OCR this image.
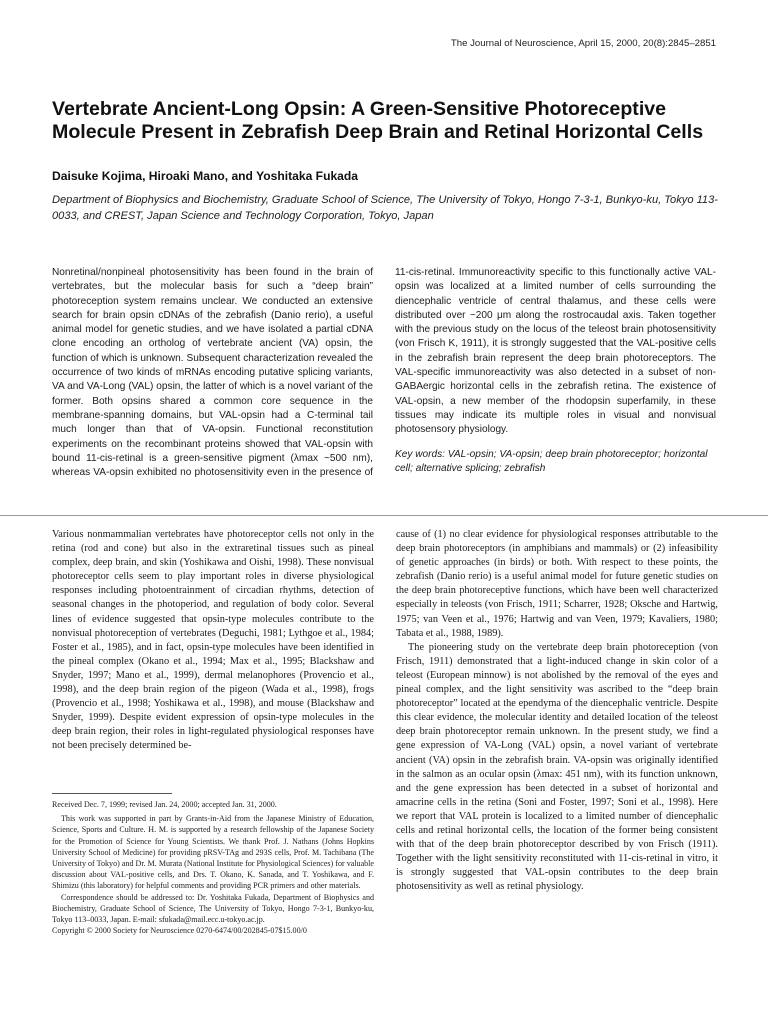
The Journal of Neuroscience, April 15, 2000, 20(8):2845–2851
Vertebrate Ancient-Long Opsin: A Green-Sensitive Photoreceptive Molecule Present in Zebrafish Deep Brain and Retinal Horizontal Cells

Daisuke Kojima, Hiroaki Mano, and Yoshitaka Fukada

Department of Biophysics and Biochemistry, Graduate School of Science, The University of Tokyo, Hongo 7-3-1, Bunkyo-ku, Tokyo 113-0033, and CREST, Japan Science and Technology Corporation, Tokyo, Japan

Nonretinal/nonpineal photosensitivity has been found in the brain of vertebrates, but the molecular basis for such a “deep brain” photoreception system remains unclear. We conducted an extensive search for brain opsin cDNAs of the zebrafish (Danio rerio), a useful animal model for genetic studies, and we have isolated a partial cDNA clone encoding an ortholog of vertebrate ancient (VA) opsin, the function of which is unknown. Subsequent characterization revealed the occurrence of two kinds of mRNAs encoding putative splicing variants, VA and VA-Long (VAL) opsin, the latter of which is a novel variant of the former. Both opsins shared a common core sequence in the membrane-spanning domains, but VAL-opsin had a C-terminal tail much longer than that of VA-opsin. Functional reconstitution experiments on the recombinant proteins showed that VAL-opsin with bound 11-cis-retinal is a green-sensitive pigment (λmax ~500 nm), whereas VA-opsin exhibited no photosensitivity even in the presence of 11-cis-retinal. Immunoreactivity specific to this functionally active VAL-opsin was localized at a limited number of cells surrounding the diencephalic ventricle of central thalamus, and these cells were distributed over ~200 μm along the rostrocaudal axis. Taken together with the previous study on the locus of the teleost brain photosensitivity (von Frisch K, 1911), it is strongly suggested that the VAL-positive cells in the zebrafish brain represent the deep brain photoreceptors. The VAL-specific immunoreactivity was also detected in a subset of non-GABAergic horizontal cells in the zebrafish retina. The existence of VAL-opsin, a new member of the rhodopsin superfamily, in these tissues may indicate its multiple roles in visual and nonvisual photosensory physiology.

Key words: VAL-opsin; VA-opsin; deep brain photoreceptor; horizontal cell; alternative splicing; zebrafish

Various nonmammalian vertebrates have photoreceptor cells not only in the retina (rod and cone) but also in the extraretinal tissues such as pineal complex, deep brain, and skin (Yoshikawa and Oishi, 1998). These nonvisual photoreceptor cells seem to play important roles in diverse physiological responses including photoentrainment of circadian rhythms, detection of seasonal changes in the photoperiod, and regulation of body color. Several lines of evidence suggested that opsin-type molecules contribute to the nonvisual photoreception of vertebrates (Deguchi, 1981; Lythgoe et al., 1984; Foster et al., 1985), and in fact, opsin-type molecules have been identified in the pineal complex (Okano et al., 1994; Max et al., 1995; Blackshaw and Snyder, 1997; Mano et al., 1999), dermal melanophores (Provencio et al., 1998), and the deep brain region of the pigeon (Wada et al., 1998), frogs (Provencio et al., 1998; Yoshikawa et al., 1998), and mouse (Blackshaw and Snyder, 1999). Despite evident expression of opsin-type molecules in the deep brain region, their roles in light-regulated physiological responses have not been precisely determined be-

Received Dec. 7, 1999; revised Jan. 24, 2000; accepted Jan. 31, 2000.

This work was supported in part by Grants-in-Aid from the Japanese Ministry of Education, Science, Sports and Culture. H. M. is supported by a research fellowship of the Japanese Society for the Promotion of Science for Young Scientists. We thank Prof. J. Nathans (Johns Hopkins University School of Medicine) for providing pRSV-TAg and 293S cells, Prof. M. Tachibana (The University of Tokyo) and Dr. M. Murata (National Institute for Physiological Sciences) for valuable discussion about VAL-positive cells, and Drs. T. Okano, K. Sanada, and T. Yoshikawa, and F. Shimizu (this laboratory) for helpful comments and providing PCR primers and other materials.

Correspondence should be addressed to: Dr. Yoshitaka Fukada, Department of Biophysics and Biochemistry, Graduate School of Science, The University of Tokyo, Hongo 7-3-1, Bunkyo-ku, Tokyo 113–0033, Japan. E-mail: sfukada@mail.ecc.u-tokyo.ac.jp.

Copyright © 2000 Society for Neuroscience 0270-6474/00/202845-07$15.00/0

cause of (1) no clear evidence for physiological responses attributable to the deep brain photoreceptors (in amphibians and mammals) or (2) infeasibility of genetic approaches (in birds) or both. With respect to these points, the zebrafish (Danio rerio) is a useful animal model for future genetic studies on the deep brain photoreceptive functions, which have been well characterized especially in teleosts (von Frisch, 1911; Scharrer, 1928; Oksche and Hartwig, 1975; van Veen et al., 1976; Hartwig and van Veen, 1979; Kavaliers, 1980; Tabata et al., 1988, 1989).

The pioneering study on the vertebrate deep brain photoreception (von Frisch, 1911) demonstrated that a light-induced change in skin color of a teleost (European minnow) is not abolished by the removal of the eyes and pineal complex, and the light sensitivity was ascribed to the “deep brain photoreceptor” located at the ependyma of the diencephalic ventricle. Despite this clear evidence, the molecular identity and detailed location of the teleost deep brain photoreceptor remain unknown. In the present study, we find a gene expression of VA-Long (VAL) opsin, a novel variant of vertebrate ancient (VA) opsin in the zebrafish brain. VA-opsin was originally identified in the salmon as an ocular opsin (λmax: 451 nm), with its function unknown, and the gene expression has been detected in a subset of horizontal and amacrine cells in the retina (Soni and Foster, 1997; Soni et al., 1998). Here we report that VAL protein is localized to a limited number of diencephalic cells and retinal horizontal cells, the location of the former being consistent with that of the deep brain photoreceptor described by von Frisch (1911). Together with the light sensitivity reconstituted with 11-cis-retinal in vitro, it is strongly suggested that VAL-opsin contributes to the deep brain photosensitivity as well as retinal physiology.
